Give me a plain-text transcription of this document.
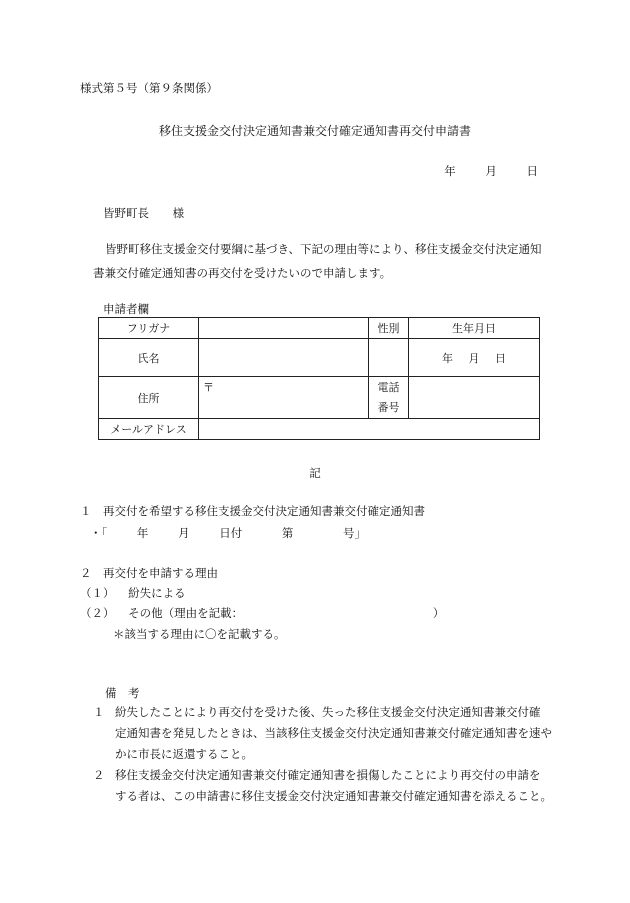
様式第５号（第９条関係）
移住支援金交付決定通知書兼交付確定通知書再交付申請書
年	月	日
皆野町長 様
皆野町移住支援金交付要綱に基づき、下記の理由等により、移住支援金交付決定通知
書兼交付確定通知書の再交付を受けたいので申請します。
申請者欄
フリガナ		性別	生年月日
氏名			年 月 日
住所	〒	電話
番号	

メールアドレス			
記
１　再交付を希望する移住支援金交付決定通知書兼交付確定通知書
・「	年	月	日付	第	号」
２　再交付を申請する理由
（１） 紛失による
（２） その他（理由を記載：	）
＊該当する理由に〇を記載する。
備　考
１ 紛失したことにより再交付を受けた後、失った移住支援金交付決定通知書兼交付確
定通知書を発見したときは、当該移住支援金交付決定通知書兼交付確定通知書を速や
かに市長に返還すること。
２ 移住支援金交付決定通知書兼交付確定通知書を損傷したことにより再交付の申請を
する者は、この申請書に移住支援金交付決定通知書兼交付確定通知書を添えること。
